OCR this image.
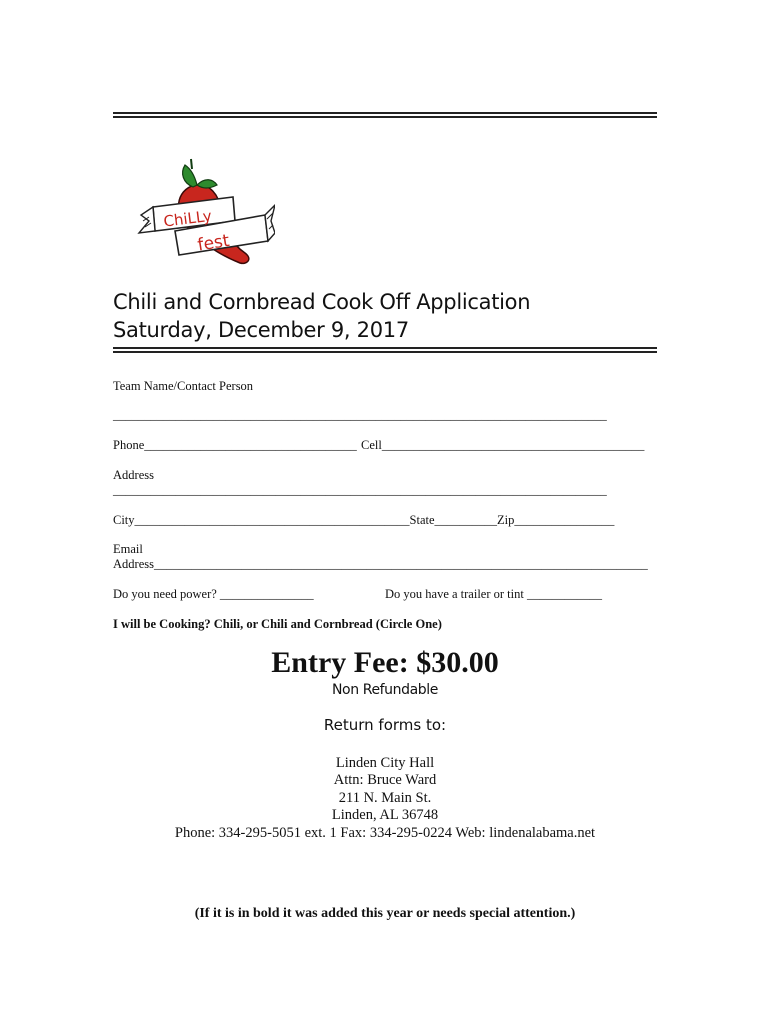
ChiLLy
fest
Chili and Cornbread Cook Off Application
Saturday, December 9, 2017
Team Name/Contact Person
_______________________________________________________________________________
Phone__________________________________ Cell__________________________________________
Address
_______________________________________________________________________________
City____________________________________________State__________Zip________________
Email
Address_______________________________________________________________________________
Do you need power? _______________	Do you have a trailer or tint ____________
I will be Cooking? Chili, or Chili and Cornbread (Circle One)
Entry Fee: $30.00
Non Refundable
Return forms to:
Linden City Hall
Attn: Bruce Ward
211 N. Main St.
Linden, AL 36748
Phone: 334-295-5051 ext. 1 Fax: 334-295-0224 Web: lindenalabama.net
(If it is in bold it was added this year or needs special attention.)
